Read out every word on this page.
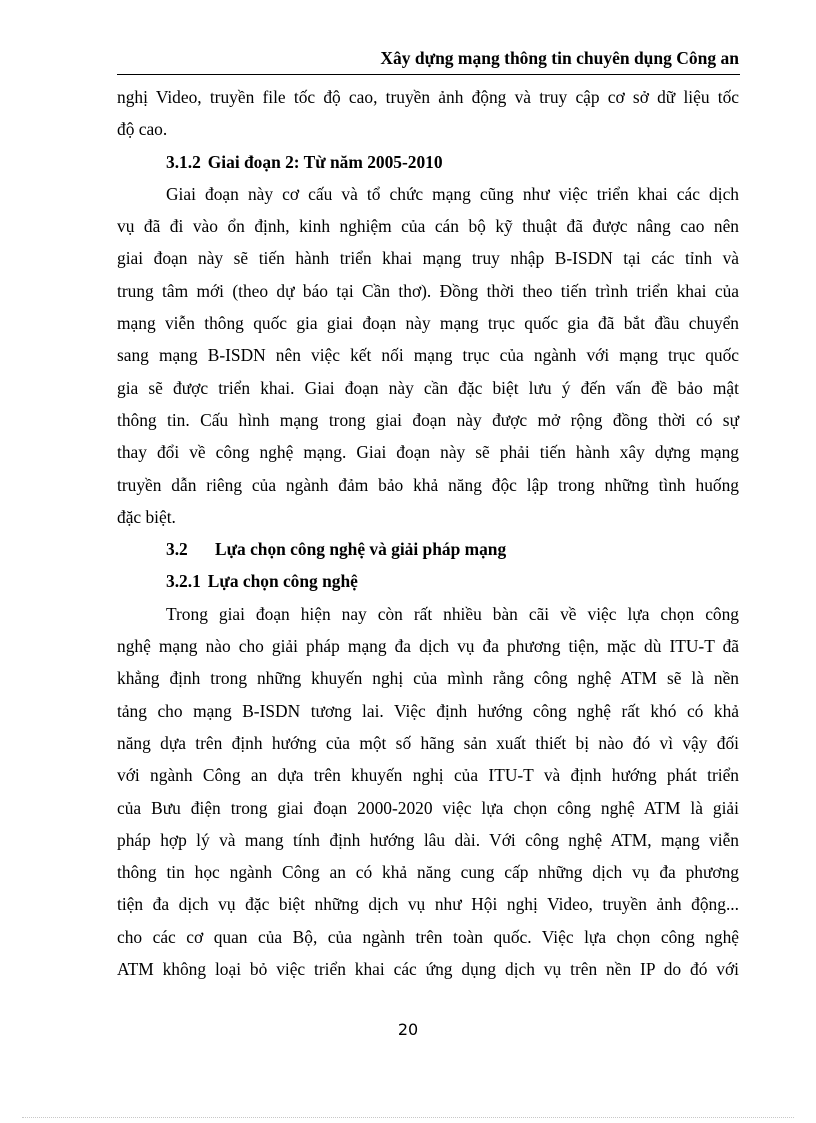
Xây dựng mạng thông tin chuyên dụng Công an
nghị Video, truyền file tốc độ cao, truyền ảnh động và truy cập cơ sở dữ liệu tốc
độ cao.
3.1.2 Giai đoạn 2: Từ năm 2005-2010
Giai đoạn này cơ cấu và tổ chức mạng cũng như việc triển khai các dịch
vụ đã đi vào ổn định, kinh nghiệm của cán bộ kỹ thuật đã được nâng cao nên
giai đoạn này sẽ tiến hành triển khai mạng truy nhập B-ISDN tại các tỉnh và
trung tâm mới (theo dự báo tại Cần thơ). Đồng thời theo tiến trình triển khai của
mạng viễn thông quốc gia giai đoạn này mạng trục quốc gia đã bắt đầu chuyển
sang mạng B-ISDN nên việc kết nối mạng trục của ngành với mạng trục quốc
gia sẽ được triển khai. Giai đoạn này cần đặc biệt lưu ý đến vấn đề bảo mật
thông tin. Cấu hình mạng trong giai đoạn này được mở rộng đồng thời có sự
thay đổi về công nghệ mạng. Giai đoạn này sẽ phải tiến hành xây dựng mạng
truyền dẫn riêng của ngành đảm bảo khả năng độc lập trong những tình huống
đặc biệt.
3.2 Lựa chọn công nghệ và giải pháp mạng
3.2.1 Lựa chọn công nghệ
Trong giai đoạn hiện nay còn rất nhiều bàn cãi về việc lựa chọn công
nghệ mạng nào cho giải pháp mạng đa dịch vụ đa phương tiện, mặc dù ITU-T đã
khẳng định trong những khuyến nghị của mình rằng công nghệ ATM sẽ là nền
tảng cho mạng B-ISDN tương lai. Việc định hướng công nghệ rất khó có khả
năng dựa trên định hướng của một số hãng sản xuất thiết bị nào đó vì vậy đối
với ngành Công an dựa trên khuyến nghị của ITU-T và định hướng phát triển
của Bưu điện trong giai đoạn 2000-2020 việc lựa chọn công nghệ ATM là giải
pháp hợp lý và mang tính định hướng lâu dài. Với công nghệ ATM, mạng viễn
thông tin học ngành Công an có khả năng cung cấp những dịch vụ đa phương
tiện đa dịch vụ đặc biệt những dịch vụ như Hội nghị Video, truyền ảnh động...
cho các cơ quan của Bộ, của ngành trên toàn quốc. Việc lựa chọn công nghệ
ATM không loại bỏ việc triển khai các ứng dụng dịch vụ trên nền IP do đó với
20
